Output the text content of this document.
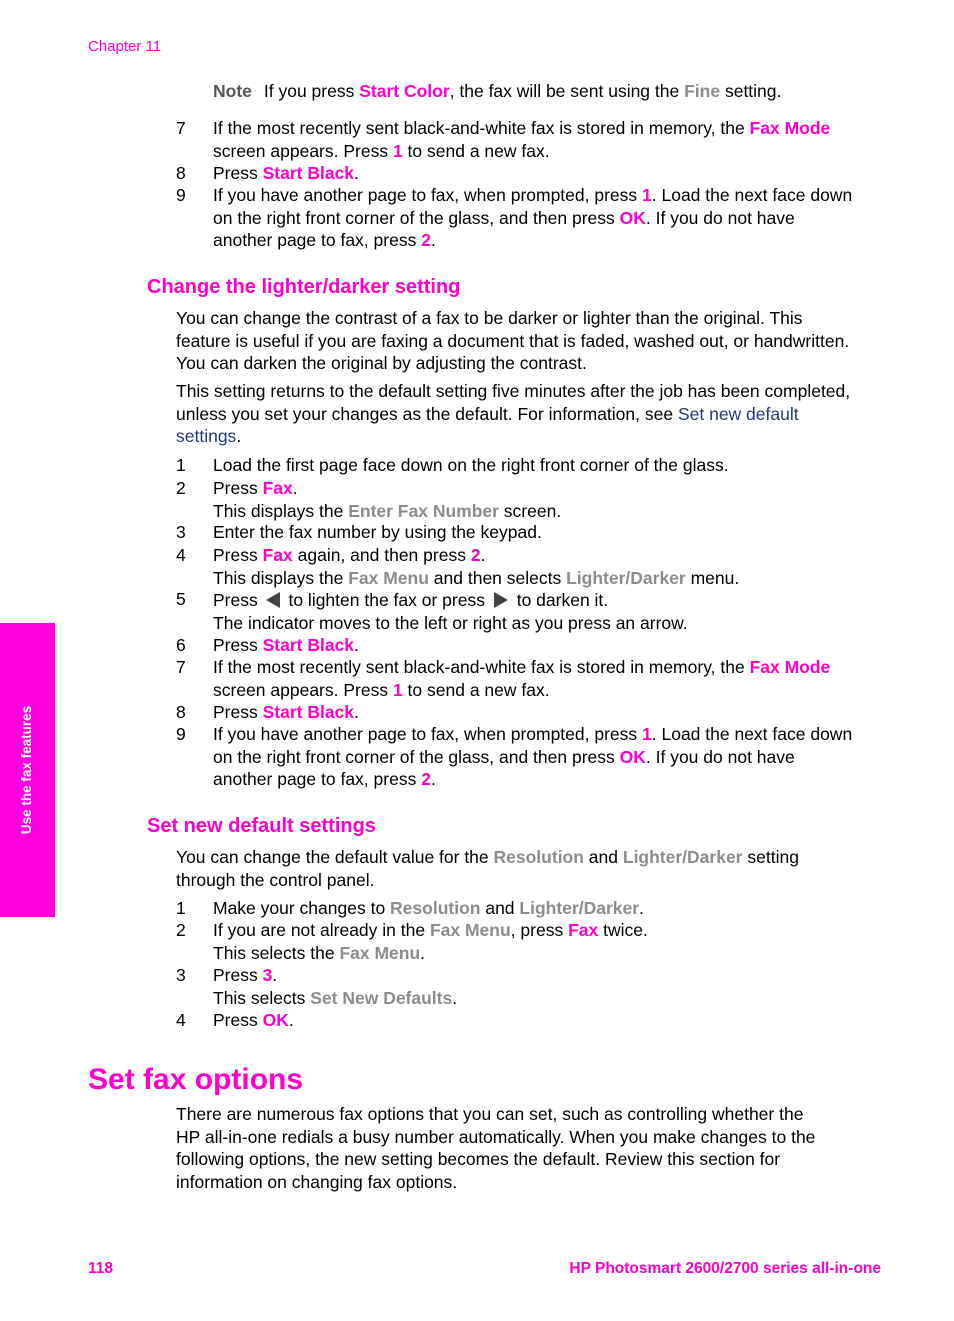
Chapter 11
Use the fax features
Note If you press Start Color, the fax will be sent using the Fine setting.
7	If the most recently sent black-and-white fax is stored in memory, the Fax Mode
screen appears. Press 1 to send a new fax.
8	Press Start Black.
9	If you have another page to fax, when prompted, press 1. Load the next face down
on the right front corner of the glass, and then press OK. If you do not have
another page to fax, press 2.
Change the lighter/darker setting
You can change the contrast of a fax to be darker or lighter than the original. This
feature is useful if you are faxing a document that is faded, washed out, or handwritten.
You can darken the original by adjusting the contrast.
This setting returns to the default setting five minutes after the job has been completed,
unless you set your changes as the default. For information, see Set new default
settings.
1	Load the first page face down on the right front corner of the glass.
2	Press Fax.
This displays the Enter Fax Number screen.
3	Enter the fax number by using the keypad.
4	Press Fax again, and then press 2.
This displays the Fax Menu and then selects Lighter/Darker menu.
5	Press  to lighten the fax or press  to darken it.
The indicator moves to the left or right as you press an arrow.
6	Press Start Black.
7	If the most recently sent black-and-white fax is stored in memory, the Fax Mode
screen appears. Press 1 to send a new fax.
8	Press Start Black.
9	If you have another page to fax, when prompted, press 1. Load the next face down
on the right front corner of the glass, and then press OK. If you do not have
another page to fax, press 2.
Set new default settings
You can change the default value for the Resolution and Lighter/Darker setting
through the control panel.
1	Make your changes to Resolution and Lighter/Darker.
2	If you are not already in the Fax Menu, press Fax twice.
This selects the Fax Menu.
3	Press 3.
This selects Set New Defaults.
4	Press OK.
Set fax options
There are numerous fax options that you can set, such as controlling whether the
HP all-in-one redials a busy number automatically. When you make changes to the
following options, the new setting becomes the default. Review this section for
information on changing fax options.
118	HP Photosmart 2600/2700 series all-in-one
